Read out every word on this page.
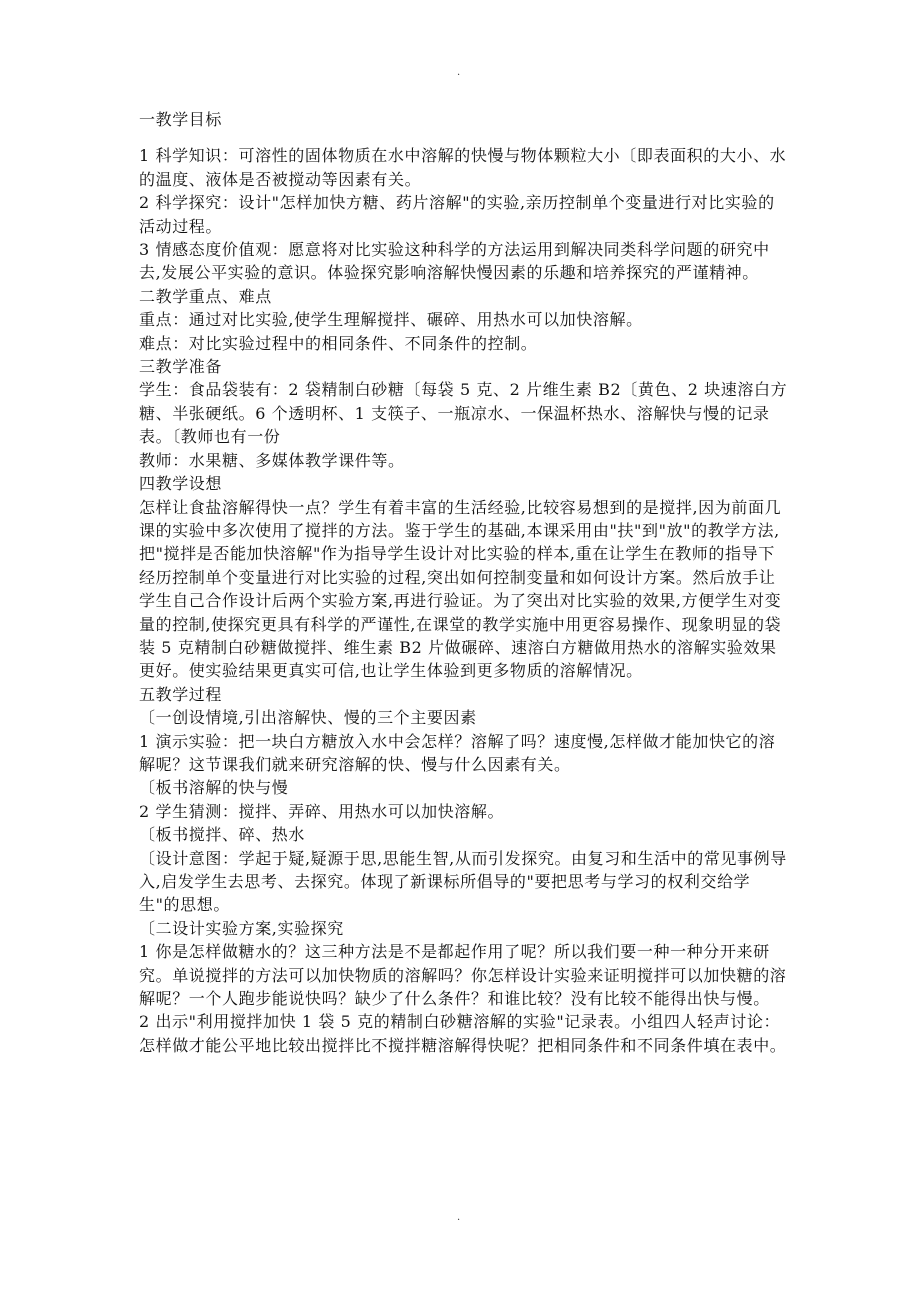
.

一教学目标

1 科学知识：可溶性的固体物质在水中溶解的快慢与物体颗粒大小〔即表面积的大小、水的温度、液体是否被搅动等因素有关。

2 科学探究：设计"怎样加快方糖、药片溶解"的实验,亲历控制单个变量进行对比实验的活动过程。

3 情感态度价值观：愿意将对比实验这种科学的方法运用到解决同类科学问题的研究中去,发展公平实验的意识。体验探究影响溶解快慢因素的乐趣和培养探究的严谨精神。

二教学重点、难点

重点：通过对比实验,使学生理解搅拌、碾碎、用热水可以加快溶解。

难点：对比实验过程中的相同条件、不同条件的控制。

三教学准备

学生：食品袋装有：2 袋精制白砂糖〔每袋 5 克、2 片维生素 B2〔黄色、2 块速溶白方糖、半张硬纸。6 个透明杯、1 支筷子、一瓶凉水、一保温杯热水、溶解快与慢的记录表。〔教师也有一份

教师：水果糖、多媒体教学课件等。

四教学设想

怎样让食盐溶解得快一点？学生有着丰富的生活经验,比较容易想到的是搅拌,因为前面几课的实验中多次使用了搅拌的方法。鉴于学生的基础,本课采用由"扶"到"放"的教学方法,把"搅拌是否能加快溶解"作为指导学生设计对比实验的样本,重在让学生在教师的指导下经历控制单个变量进行对比实验的过程,突出如何控制变量和如何设计方案。然后放手让学生自己合作设计后两个实验方案,再进行验证。为了突出对比实验的效果,方便学生对变量的控制,使探究更具有科学的严谨性,在课堂的教学实施中用更容易操作、现象明显的袋装 5 克精制白砂糖做搅拌、维生素 B2 片做碾碎、速溶白方糖做用热水的溶解实验效果更好。使实验结果更真实可信,也让学生体验到更多物质的溶解情况。

五教学过程

〔一创设情境,引出溶解快、慢的三个主要因素

1 演示实验：把一块白方糖放入水中会怎样？溶解了吗？速度慢,怎样做才能加快它的溶解呢？这节课我们就来研究溶解的快、慢与什么因素有关。

〔板书溶解的快与慢

2 学生猜测：搅拌、弄碎、用热水可以加快溶解。

〔板书搅拌、碎、热水

〔设计意图：学起于疑,疑源于思,思能生智,从而引发探究。由复习和生活中的常见事例导入,启发学生去思考、去探究。体现了新课标所倡导的"要把思考与学习的权利交给学生"的思想。

〔二设计实验方案,实验探究

1 你是怎样做糖水的？这三种方法是不是都起作用了呢？所以我们要一种一种分开来研究。单说搅拌的方法可以加快物质的溶解吗？你怎样设计实验来证明搅拌可以加快糖的溶解呢？一个人跑步能说快吗？缺少了什么条件？和谁比较？没有比较不能得出快与慢。

2 出示"利用搅拌加快 1 袋 5 克的精制白砂糖溶解的实验"记录表。小组四人轻声讨论：怎样做才能公平地比较出搅拌比不搅拌糖溶解得快呢？把相同条件和不同条件填在表中。

.
